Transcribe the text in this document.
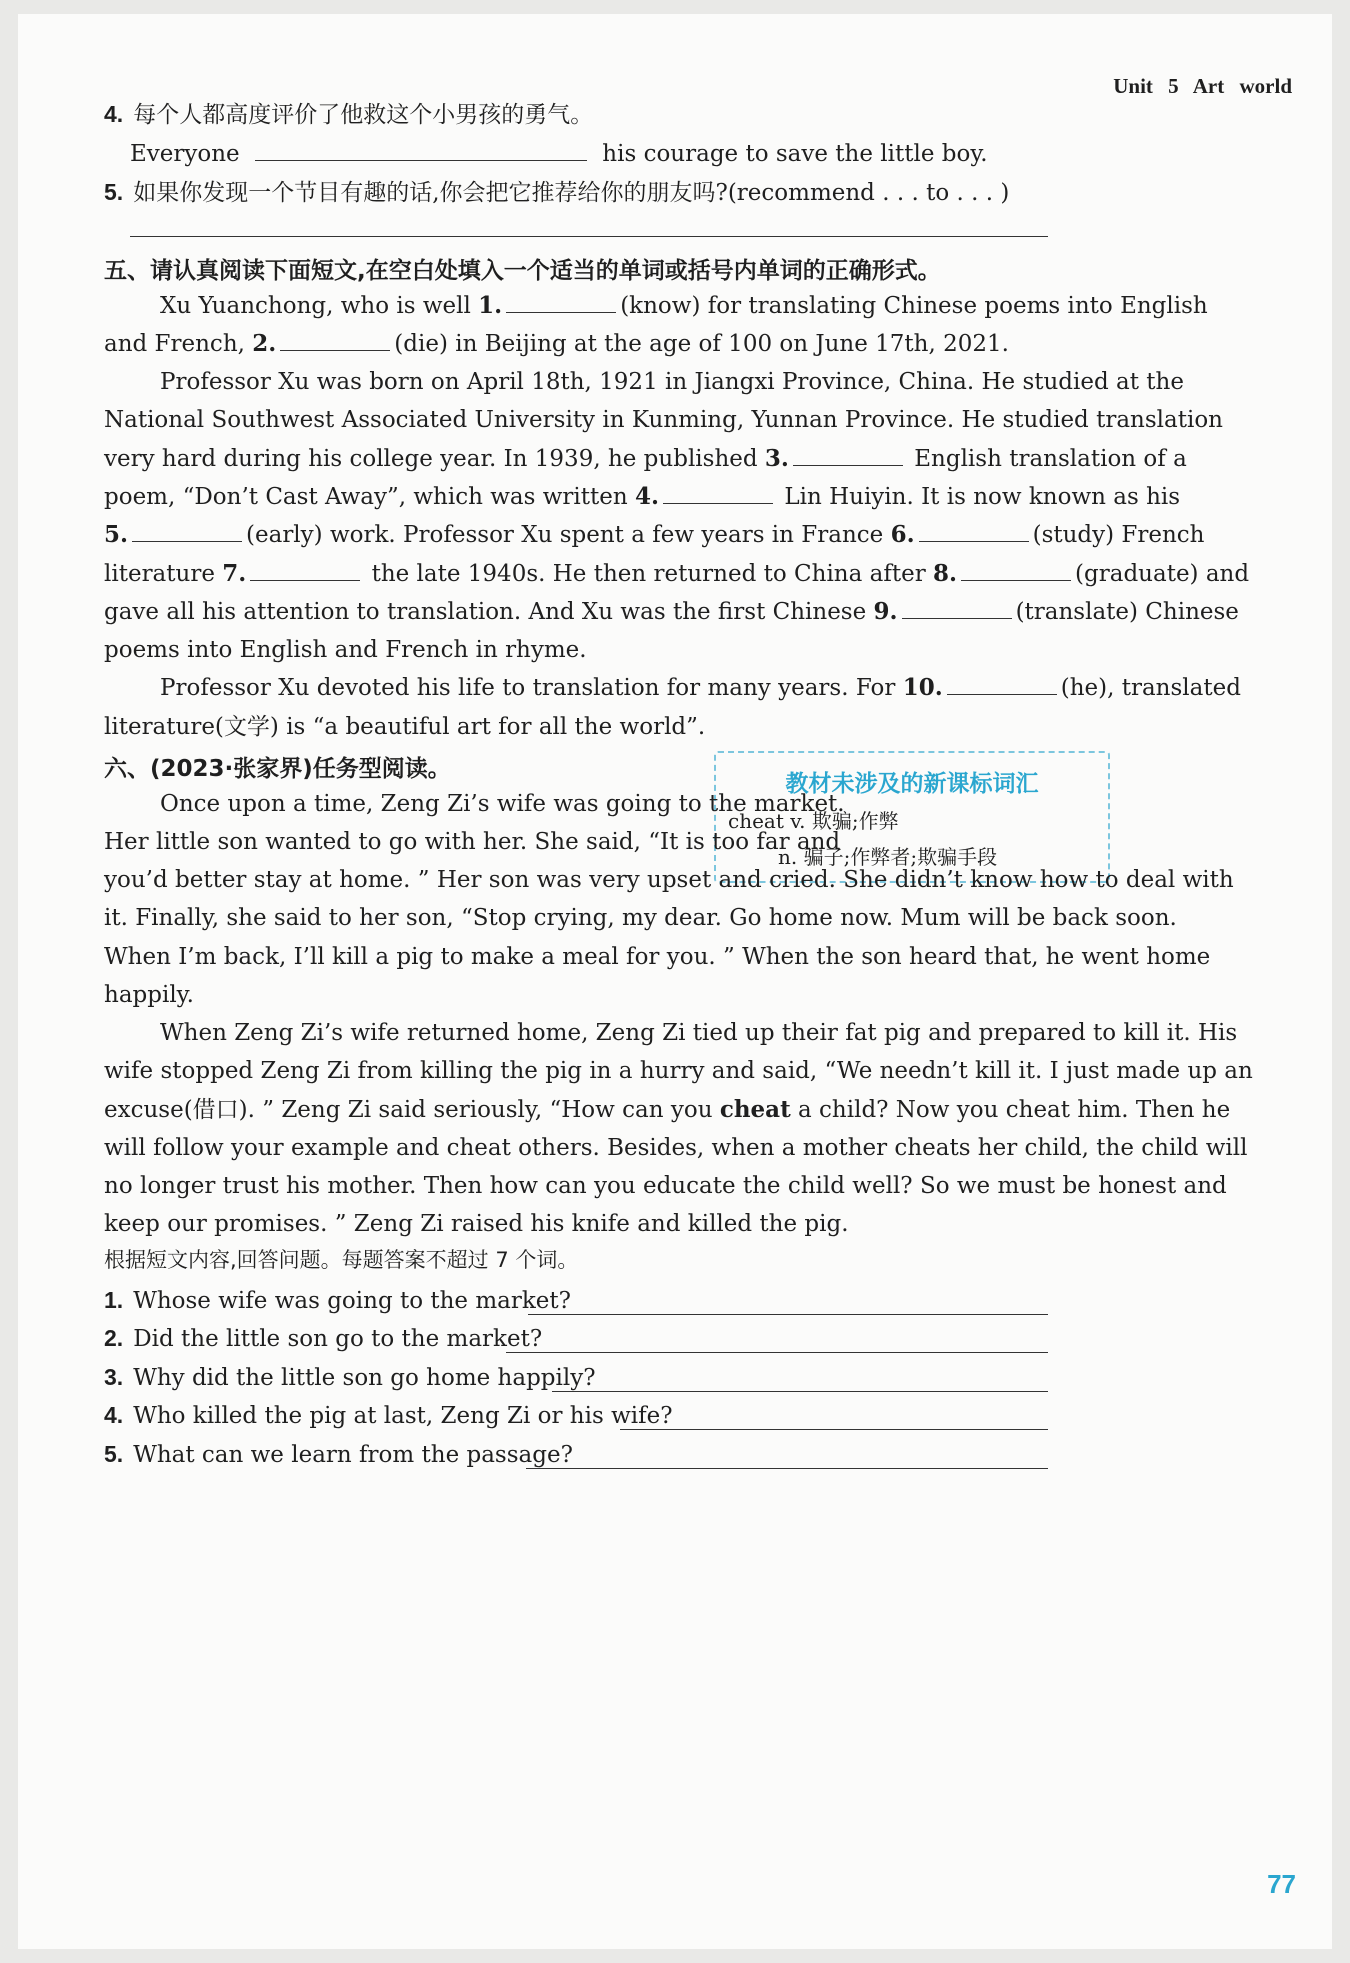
Unit 5 Art world
4. 每个人都高度评价了他救这个小男孩的勇气。
Everyone	his courage to save the little boy.
5. 如果你发现一个节目有趣的话,你会把它推荐给你的朋友吗?(recommend . . . to . . . )
五、请认真阅读下面短文,在空白处填入一个适当的单词或括号内单词的正确形式。
Xu Yuanchong, who is well 1.	(know) for translating Chinese poems into English
and French, 2.	(die) in Beijing at the age of 100 on June 17th, 2021.
Professor Xu was born on April 18th, 1921 in Jiangxi Province, China. He studied at the
National Southwest Associated University in Kunming, Yunnan Province. He studied translation
very hard during his college year. In 1939, he published 3.	English translation of a
poem, “Don’t Cast Away”, which was written 4.	Lin Huiyin. It is now known as his
5.	(early) work. Professor Xu spent a few years in France 6.	(study) French
literature 7.	the late 1940s. He then returned to China after 8.	(graduate) and
gave all his attention to translation. And Xu was the first Chinese 9.	(translate) Chinese
poems into English and French in rhyme.
Professor Xu devoted his life to translation for many years. For 10.	(he), translated
literature(文学) is “a beautiful art for all the world”.
六、(2023·张家界)任务型阅读。
教材未涉及的新课标词汇
cheat v. 欺骗;作弊
n. 骗子;作弊者;欺骗手段
Once upon a time, Zeng Zi’s wife was going to the market.
Her little son wanted to go with her. She said, “It is too far and
you’d better stay at home. ” Her son was very upset and cried. She didn’t know how to deal with
it. Finally, she said to her son, “Stop crying, my dear. Go home now. Mum will be back soon.
When I’m back, I’ll kill a pig to make a meal for you. ” When the son heard that, he went home
happily.
When Zeng Zi’s wife returned home, Zeng Zi tied up their fat pig and prepared to kill it. His
wife stopped Zeng Zi from killing the pig in a hurry and said, “We needn’t kill it. I just made up an
excuse(借口). ” Zeng Zi said seriously, “How can you cheat a child? Now you cheat him. Then he
will follow your example and cheat others. Besides, when a mother cheats her child, the child will
no longer trust his mother. Then how can you educate the child well? So we must be honest and
keep our promises. ” Zeng Zi raised his knife and killed the pig.
根据短文内容,回答问题。每题答案不超过 7 个词。
1. Whose wife was going to the market?
2. Did the little son go to the market?
3. Why did the little son go home happily?
4. Who killed the pig at last, Zeng Zi or his wife?
5. What can we learn from the passage?
77
